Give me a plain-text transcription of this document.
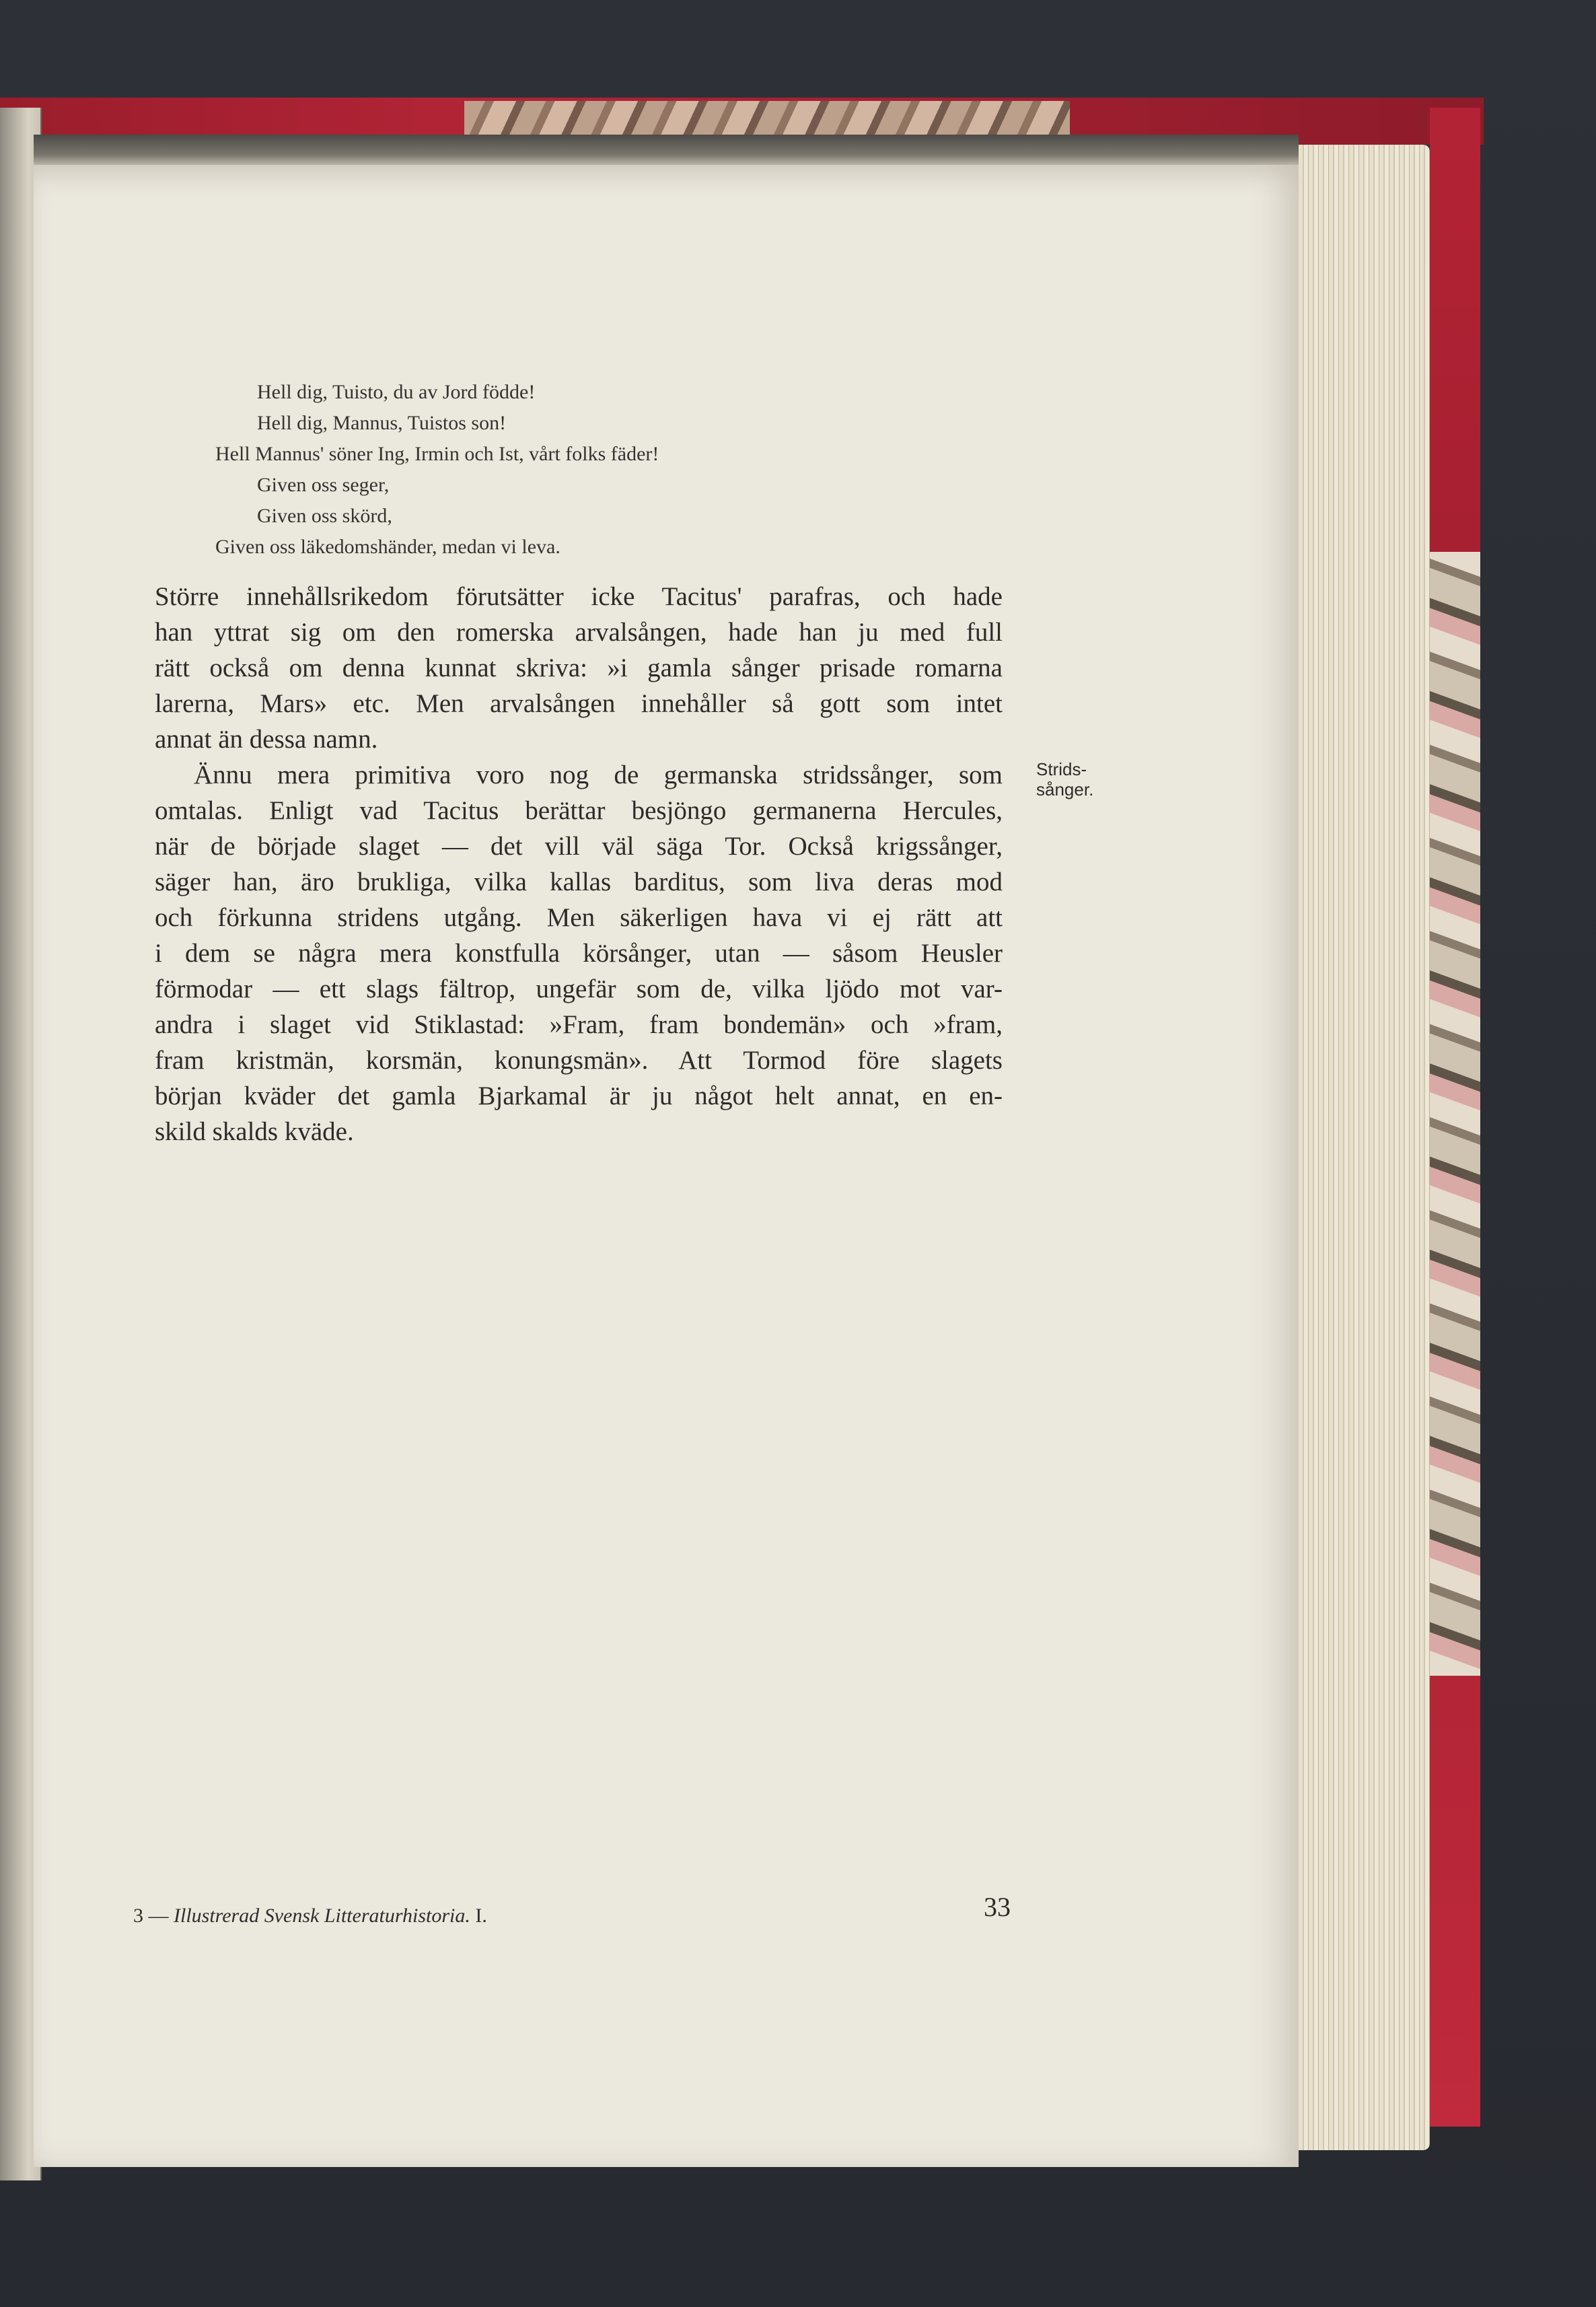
Hell dig, Tuisto, du av Jord födde!
Hell dig, Mannus, Tuistos son!
Hell Mannus' söner Ing, Irmin och Ist, vårt folks fäder!
Given oss seger,
Given oss skörd,
Given oss läkedomshänder, medan vi leva.
Större innehållsrikedom förutsätter icke Tacitus' parafras, och hade
han yttrat sig om den romerska arvalsången, hade han ju med full
rätt också om denna kunnat skriva: »i gamla sånger prisade romarna
larerna, Mars» etc. Men arvalsången innehåller så gott som intet
annat än dessa namn.
Ännu mera primitiva voro nog de germanska stridssånger, som
omtalas. Enligt vad Tacitus berättar besjöngo germanerna Hercules,
när de började slaget — det vill väl säga Tor. Också krigssånger,
säger han, äro brukliga, vilka kallas barditus, som liva deras mod
och förkunna stridens utgång. Men säkerligen hava vi ej rätt att
i dem se några mera konstfulla körsånger, utan — såsom Heusler
förmodar — ett slags fältrop, ungefär som de, vilka ljödo mot var-
andra i slaget vid Stiklastad: »Fram, fram bondemän» och »fram,
fram kristmän, korsmän, konungsmän». Att Tormod före slagets
början kväder det gamla Bjarkamal är ju något helt annat, en en-
skild skalds kväde.
Strids-
sånger.
3 — Illustrerad Svensk Litteraturhistoria. I.	33
